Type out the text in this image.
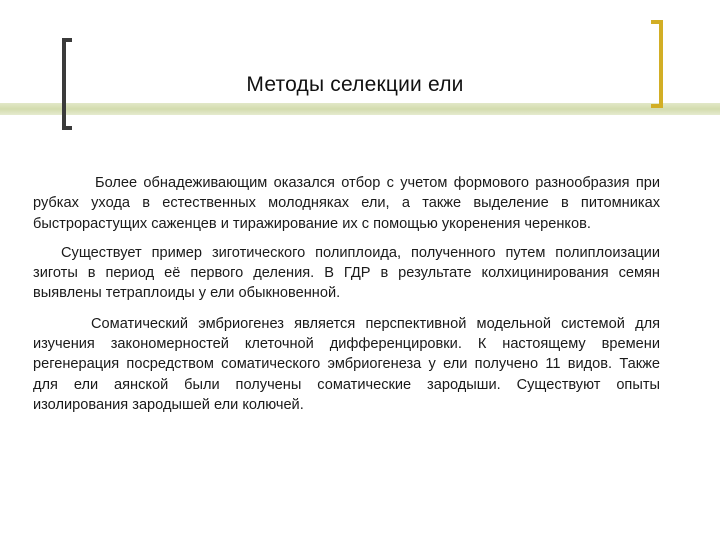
Методы селекции ели

Более обнадеживающим оказался отбор с учетом формового разнообразия при рубках ухода в естественных молодняках ели, а также выделение в питомниках быстрорастущих саженцев и тиражирование их с помощью укоренения черенков.

Существует пример зиготического полиплоида, полученного путем полиплоизации зиготы в период её первого деления. В ГДР в результате колхицинирования семян выявлены тетраплоиды у ели обыкновенной.

Соматический эмбриогенез является перспективной модельной системой для изучения закономерностей клеточной дифференцировки. К настоящему времени регенерация посредством соматического эмбриогенеза у ели получено 11 видов. Также для ели аянской были получены соматические зародыши. Существуют опыты изолирования зародышей ели колючей.
